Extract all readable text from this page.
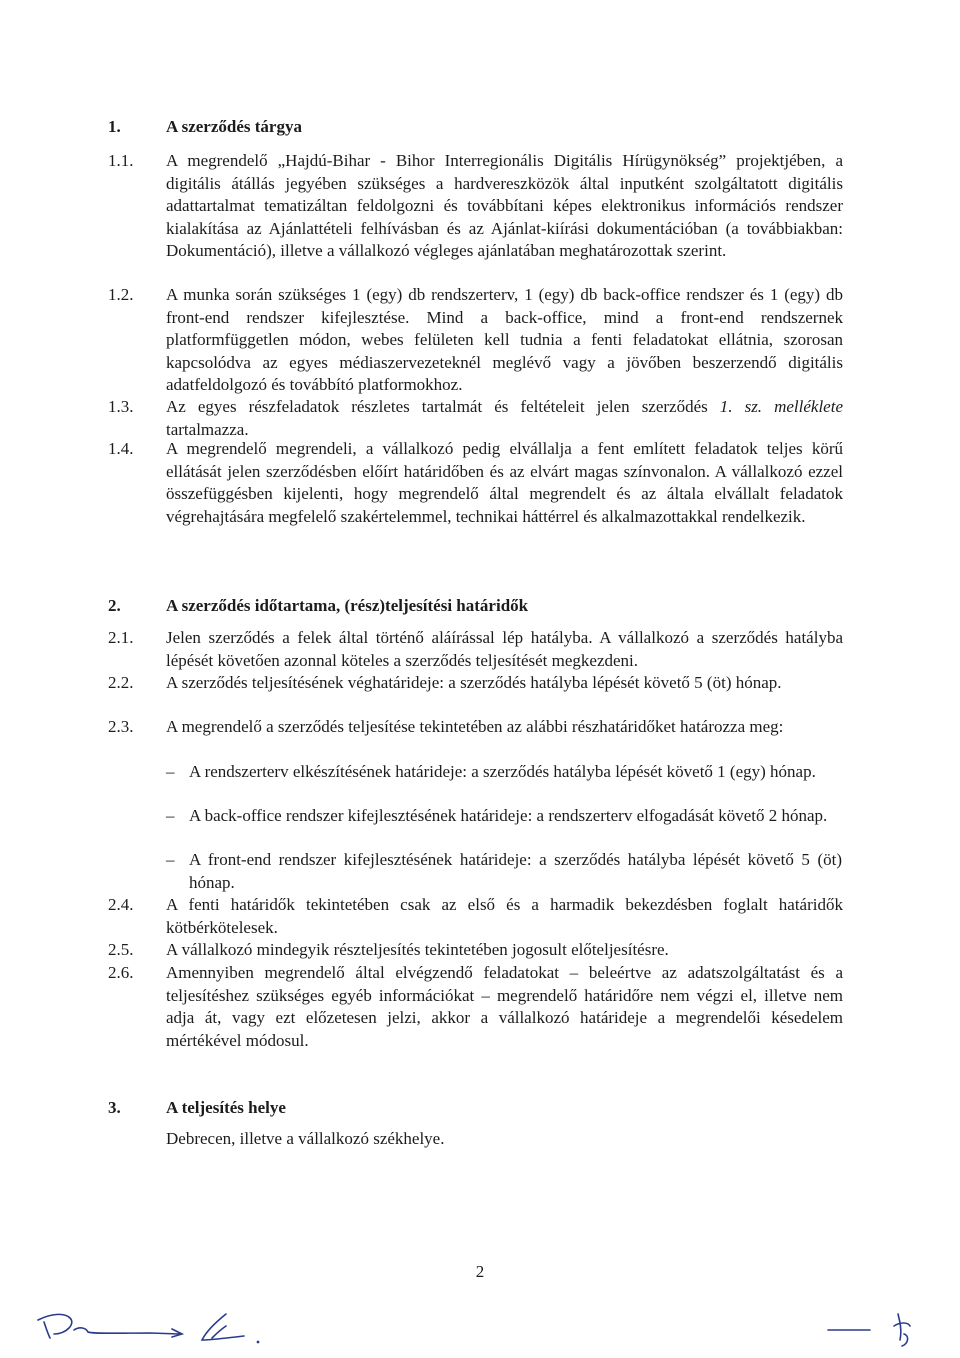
1.	A szerződés tárgya
1.1.	A megrendelő „Hajdú-Bihar - Bihor Interregionális Digitális Hírügynökség” projektjében, a digitális átállás jegyében szükséges a hardvereszközök által inputként szolgáltatott digitális adattartalmat tematizáltan feldolgozni és továbbítani képes elektronikus információs rendszer kialakítása az Ajánlattételi felhívásban és az Ajánlat-kiírási dokumentációban (a továbbiakban: Dokumentáció), illetve a vállalkozó végleges ajánlatában meghatározottak szerint.
1.2.	A munka során szükséges 1 (egy) db rendszerterv, 1 (egy) db back-office rendszer és 1 (egy) db front-end rendszer kifejlesztése. Mind a back-office, mind a front-end rendszernek platformfüggetlen módon, webes felületen kell tudnia a fenti feladatokat ellátnia, szorosan kapcsolódva az egyes médiaszervezeteknél meglévő vagy a jövőben beszerzendő digitális adatfeldolgozó és továbbító platformokhoz.
1.3.	Az egyes részfeladatok részletes tartalmát és feltételeit jelen szerződés 1. sz. mellékletе tartalmazza.
1.4.	A megrendelő megrendeli, a vállalkozó pedig elvállalja a fent említett feladatok teljes körű ellátását jelen szerződésben előírt határidőben és az elvárt magas színvonalon. A vállalkozó ezzel összefüggésben kijelenti, hogy megrendelő által megrendelt és az általa elvállalt feladatok végrehajtására megfelelő szakértelemmel, technikai háttérrel és alkalmazottakkal rendelkezik.
2.	A szerződés időtartama, (rész)teljesítési határidők
2.1.	Jelen szerződés a felek által történő aláírással lép hatályba. A vállalkozó a szerződés hatályba lépését követően azonnal köteles a szerződés teljesítését megkezdeni.
2.2.	A szerződés teljesítésének véghatárideje: a szerződés hatályba lépését követő 5 (öt) hónap.
2.3.	A megrendelő a szerződés teljesítése tekintetében az alábbi részhatáridőket határozza meg:
– A rendszerterv elkészítésének határideje: a szerződés hatályba lépését követő 1 (egy) hónap.
– A back-office rendszer kifejlesztésének határideje: a rendszerterv elfogadását követő 2 hónap.
– A front-end rendszer kifejlesztésének határideje: a szerződés hatályba lépését követő 5 (öt) hónap.
2.4.	A fenti határidők tekintetében csak az első és a harmadik bekezdésben foglalt határidők kötbérkötelesek.
2.5.	A vállalkozó mindegyik részteljesítés tekintetében jogosult előteljesítésre.
2.6.	Amennyiben megrendelő által elvégzendő feladatokat – beleértve az adatszolgáltatást és a teljesítéshez szükséges egyéb információkat – megrendelő határidőre nem végzi el, illetve nem adja át, vagy ezt előzetesen jelzi, akkor a vállalkozó határideje a megrendelői késedelem mértékével módosul.
3.	A teljesítés helye
Debrecen, illetve a vállalkozó székhelye.
2
